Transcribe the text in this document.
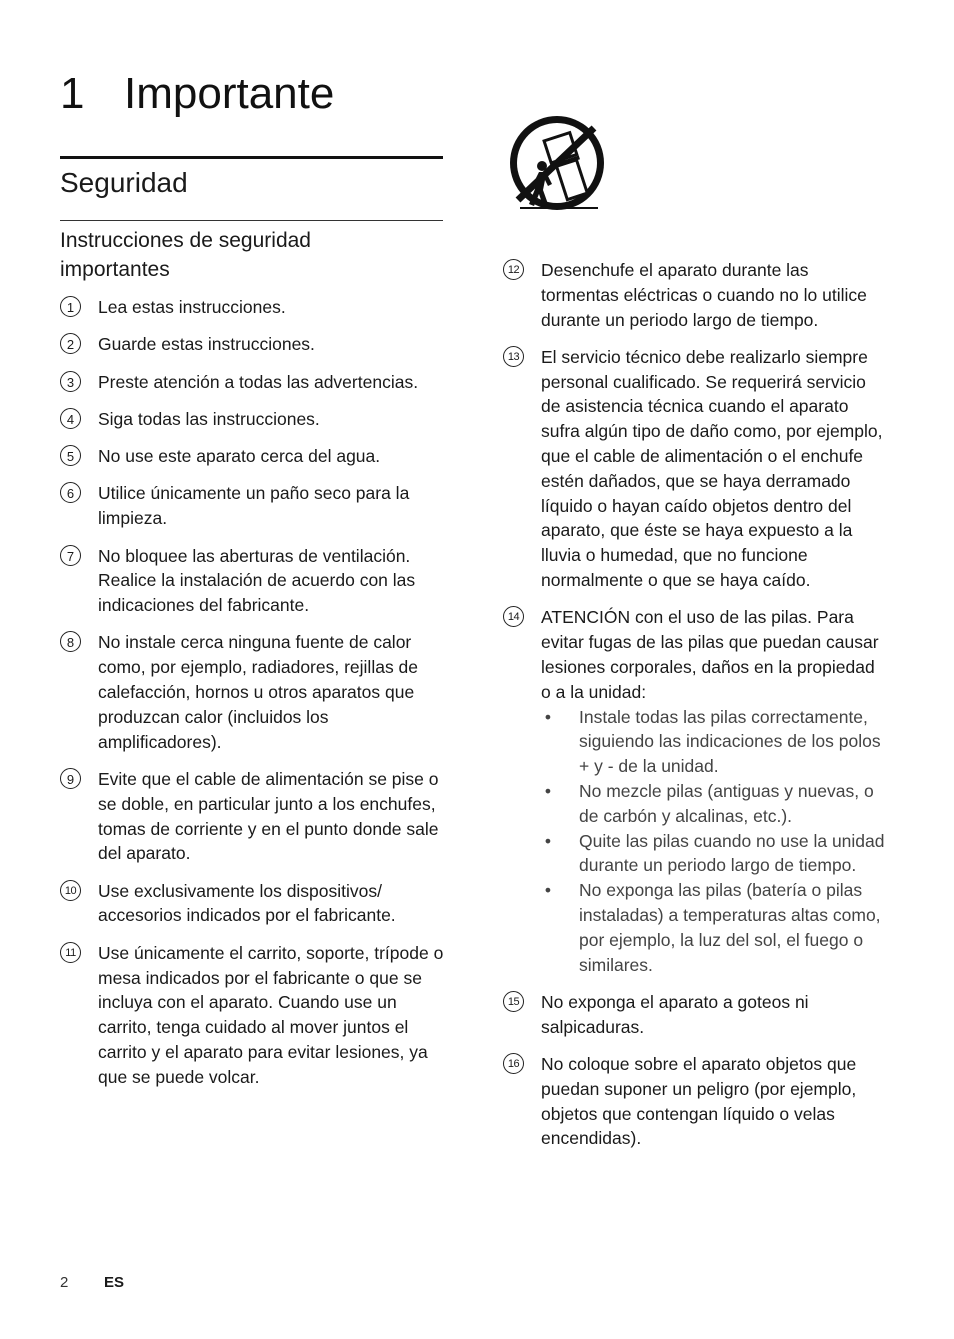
1 Importante
Seguridad
Instrucciones de seguridad importantes
1	Lea estas instrucciones.
2	Guarde estas instrucciones.
3	Preste atención a todas las advertencias.
4	Siga todas las instrucciones.
5	No use este aparato cerca del agua.
6	Utilice únicamente un paño seco para la limpieza.
7	No bloquee las aberturas de ventilación. Realice la instalación de acuerdo con las indicaciones del fabricante.
8	No instale cerca ninguna fuente de calor como, por ejemplo, radiadores, rejillas de calefacción, hornos u otros aparatos que produzcan calor (incluidos los amplificadores).
9	Evite que el cable de alimentación se pise o se doble, en particular junto a los enchufes, tomas de corriente y en el punto donde sale del aparato.
10 Use exclusivamente los dispositivos/ accesorios indicados por el fabricante.
11	Use únicamente el carrito, soporte, trípode o mesa indicados por el fabricante o que se incluya con el aparato. Cuando use un carrito, tenga cuidado al mover juntos el carrito y el aparato para evitar lesiones, ya que se puede volcar.
12 Desenchufe el aparato durante las tormentas eléctricas o cuando no lo utilice durante un periodo largo de tiempo.
13 El servicio técnico debe realizarlo siempre personal cualificado. Se requerirá servicio de asistencia técnica cuando el aparato sufra algún tipo de daño como, por ejemplo, que el cable de alimentación o el enchufe estén dañados, que se haya derramado líquido o hayan caído objetos dentro del aparato, que éste se haya expuesto a la lluvia o humedad, que no funcione normalmente o que se haya caído.
14 ATENCIÓN con el uso de las pilas. Para evitar fugas de las pilas que puedan causar lesiones corporales, daños en la propiedad o a la unidad:
• Instale todas las pilas correctamente, siguiendo las indicaciones de los polos + y - de la unidad.
• No mezcle pilas (antiguas y nuevas, o de carbón y alcalinas, etc.).
• Quite las pilas cuando no use la unidad durante un periodo largo de tiempo.
• No exponga las pilas (batería o pilas instaladas) a temperaturas altas como, por ejemplo, la luz del sol, el fuego o similares.
15 No exponga el aparato a goteos ni salpicaduras.
16 No coloque sobre el aparato objetos que puedan suponer un peligro (por ejemplo, objetos que contengan líquido o velas encendidas).
2 ES
